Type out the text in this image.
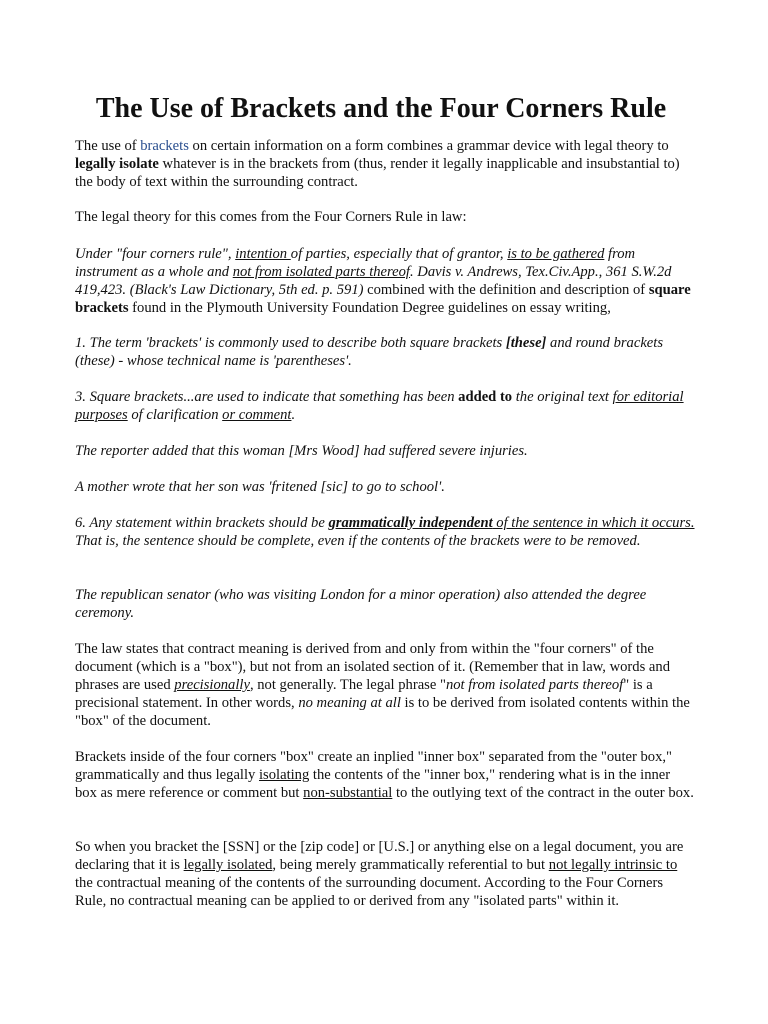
The Use of Brackets and the Four Corners Rule

The use of brackets on certain information on a form combines a grammar device with legal theory to legally isolate whatever is in the brackets from (thus, render it legally inapplicable and insubstantial to) the body of text within the surrounding contract.

The legal theory for this comes from the Four Corners Rule in law:

Under "four corners rule", intention of parties, especially that of grantor, is to be gathered from instrument as a whole and not from isolated parts thereof. Davis v. Andrews, Tex.Civ.App., 361 S.W.2d 419,423. (Black's Law Dictionary, 5th ed. p. 591) combined with the definition and description of square brackets found in the Plymouth University Foundation Degree guidelines on essay writing,

1. The term 'brackets' is commonly used to describe both square brackets [these] and round brackets (these) - whose technical name is 'parentheses'.

3. Square brackets...are used to indicate that something has been added to the original text for editorial purposes of clarification or comment.

The reporter added that this woman [Mrs Wood] had suffered severe injuries.

A mother wrote that her son was 'fritened [sic] to go to school'.

6. Any statement within brackets should be grammatically independent of the sentence in which it occurs. That is, the sentence should be complete, even if the contents of the brackets were to be removed.

The republican senator (who was visiting London for a minor operation) also attended the degree ceremony.

The law states that contract meaning is derived from and only from within the "four corners" of the document (which is a "box"), but not from an isolated section of it. (Remember that in law, words and phrases are used precisionally, not generally. The legal phrase "not from isolated parts thereof" is a precisional statement. In other words, no meaning at all is to be derived from isolated contents within the "box" of the document.

Brackets inside of the four corners "box" create an inplied "inner box" separated from the "outer box," grammatically and thus legally isolating the contents of the "inner box," rendering what is in the inner box as mere reference or comment but non-substantial to the outlying text of the contract in the outer box.

So when you bracket the [SSN] or the [zip code] or [U.S.] or anything else on a legal document, you are declaring that it is legally isolated, being merely grammatically referential to but not legally intrinsic to the contractual meaning of the contents of the surrounding document. According to the Four Corners Rule, no contractual meaning can be applied to or derived from any "isolated parts" within it.
